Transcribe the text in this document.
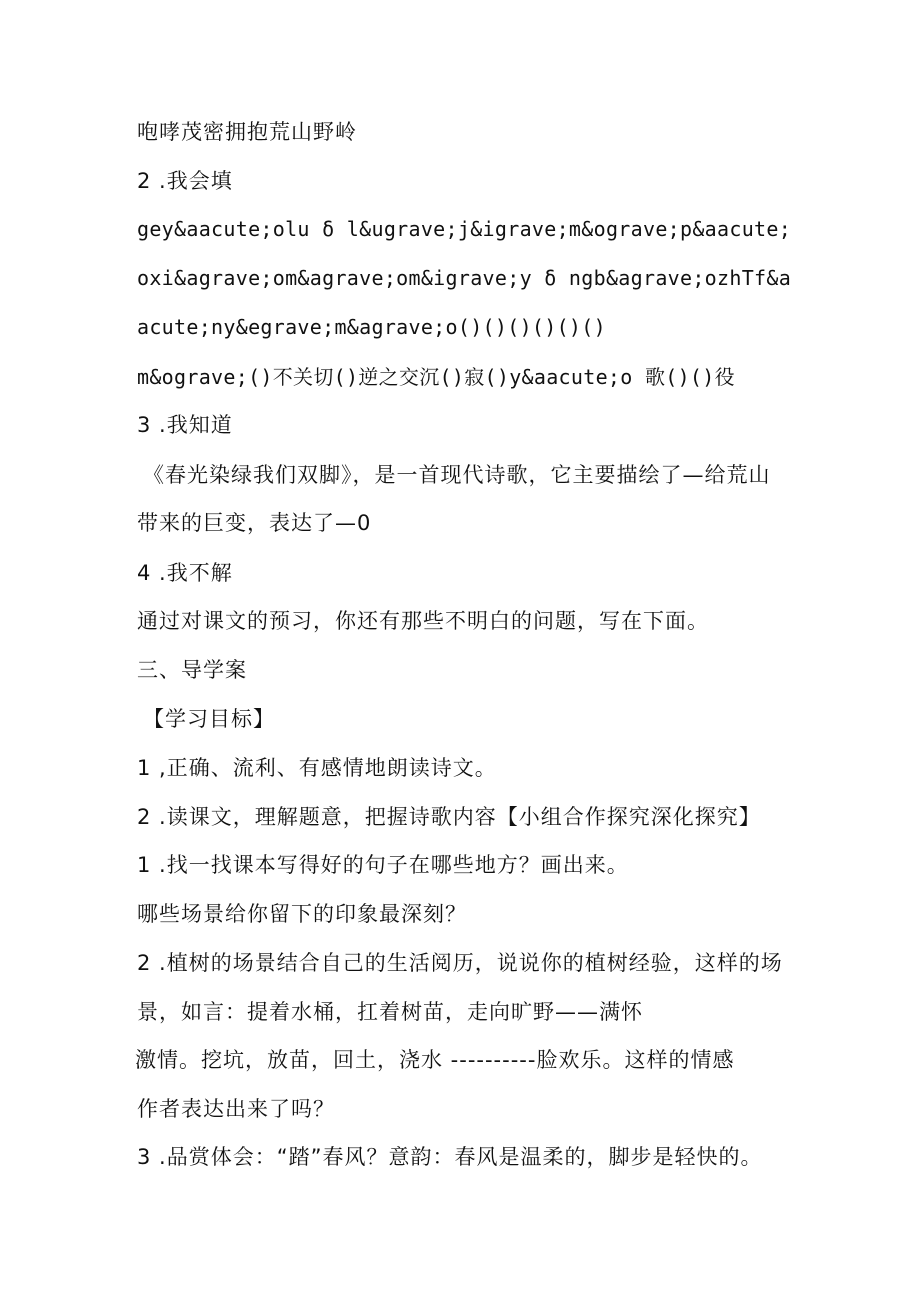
咆哮茂密拥抱荒山野岭
2 .我会填
gey&aacute;olu δ l&ugrave;j&igrave;m&ograve;p&aacute;
oxi&agrave;om&agrave;om&igrave;y δ ngb&agrave;ozhTf&a
acute;ny&egrave;m&agrave;o()()()()()()
m&ograve;()不关切()逆之交沉()寂()y&aacute;o 歌()()役
3 .我知道
《春光染绿我们双脚》，是一首现代诗歌，它主要描绘了—给荒山
带来的巨变，表达了—0
4 .我不解
通过对课文的预习，你还有那些不明白的问题，写在下面。
三、导学案
【学习目标】
1 ,正确、流利、有感情地朗读诗文。
2 .读课文，理解题意，把握诗歌内容【小组合作探究深化探究】
1 .找一找课本写得好的句子在哪些地方？画出来。
哪些场景给你留下的印象最深刻？
2 .植树的场景结合自己的生活阅历，说说你的植树经验，这样的场
景，如言：提着水桶，扛着树苗，走向旷野——满怀
激情。挖坑，放苗，回土，浇水 ----------脸欢乐。这样的情感
作者表达出来了吗？
3 .品赏体会：“踏”春风？意韵：春风是温柔的，脚步是轻快的。
